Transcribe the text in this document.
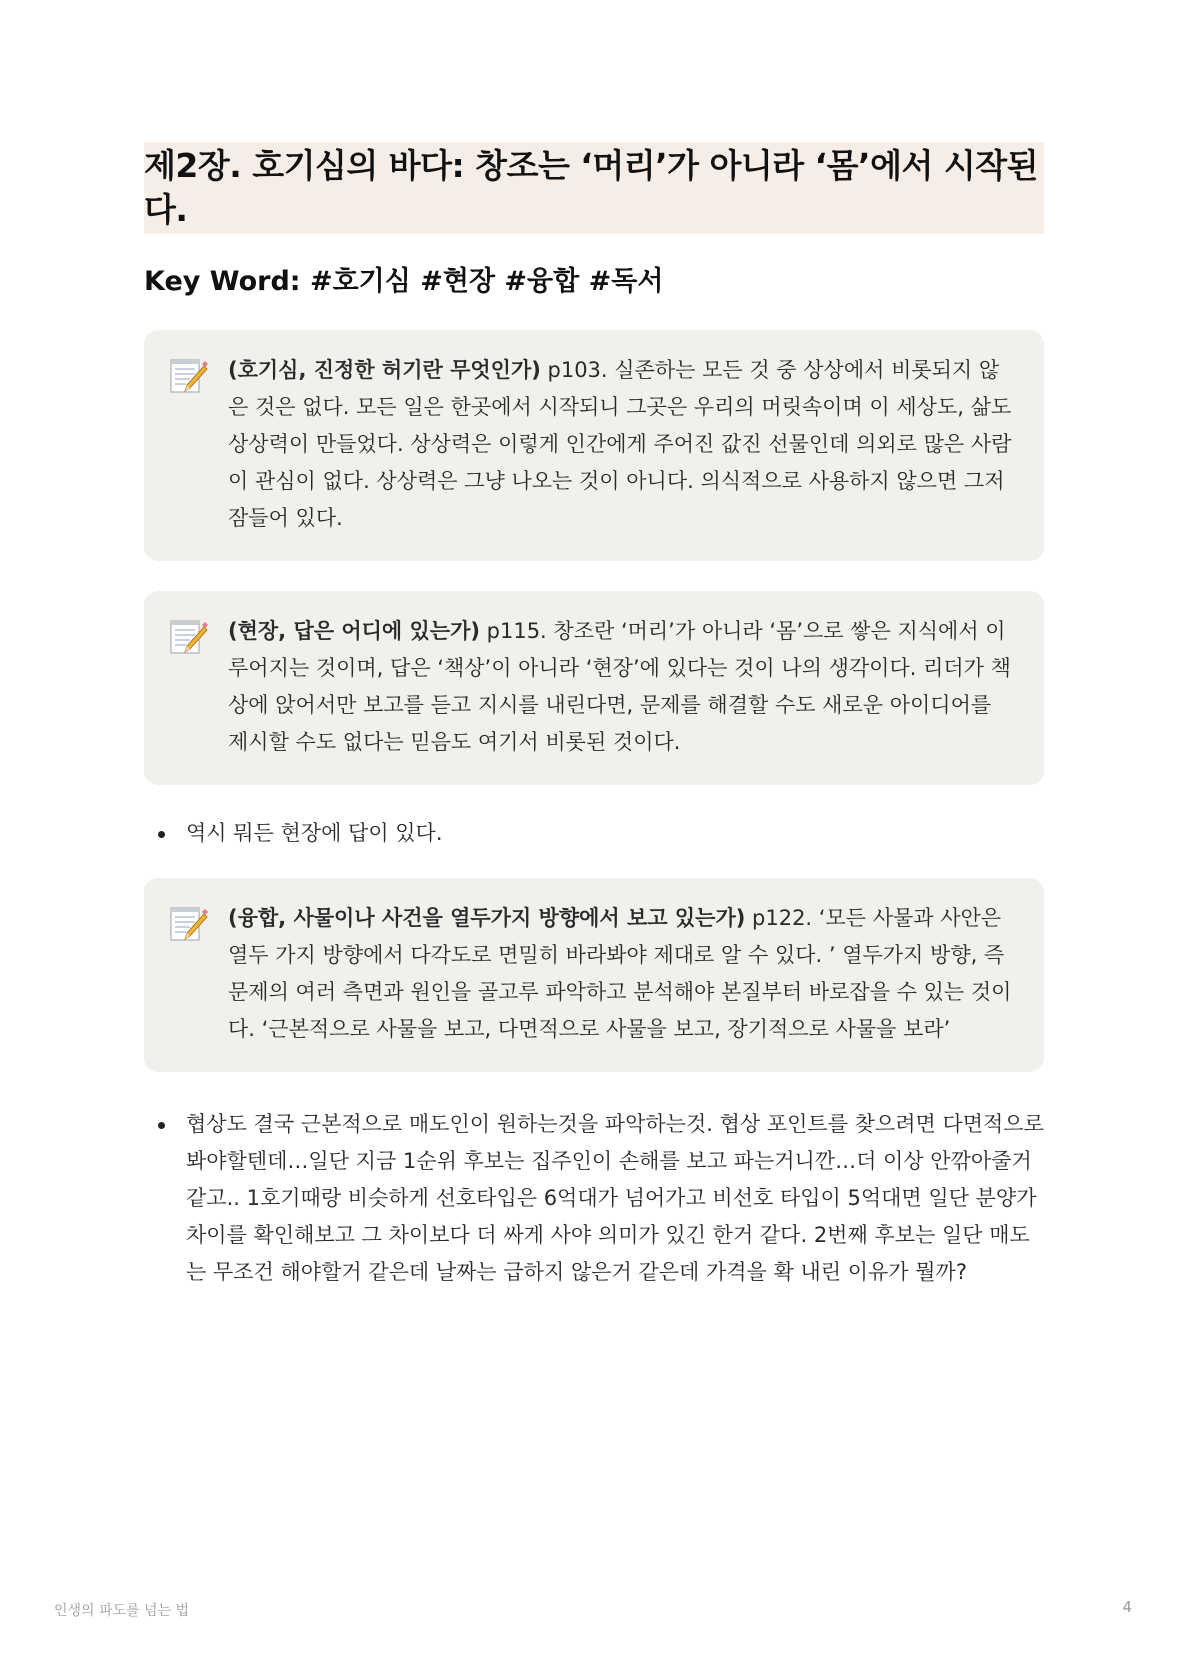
제2장. 호기심의 바다: 창조는 ‘머리’가 아니라 ‘몸’에서 시작된다.
Key Word: #호기심 #현장 #융합 #독서
(호기심, 진정한 허기란 무엇인가) p103. 실존하는 모든 것 중 상상에서 비롯되지 않은 것은 없다. 모든 일은 한곳에서 시작되니 그곳은 우리의 머릿속이며 이 세상도, 삶도 상상력이 만들었다. 상상력은 이렇게 인간에게 주어진 값진 선물인데 의외로 많은 사람이 관심이 없다. 상상력은 그냥 나오는 것이 아니다. 의식적으로 사용하지 않으면 그저 잠들어 있다.
(현장, 답은 어디에 있는가) p115. 창조란 ‘머리’가 아니라 ‘몸’으로 쌓은 지식에서 이루어지는 것이며, 답은 ‘책상’이 아니라 ‘현장’에 있다는 것이 나의 생각이다. 리더가 책상에 앉어서만 보고를 듣고 지시를 내린다면, 문제를 해결할 수도 새로운 아이디어를 제시할 수도 없다는 믿음도 여기서 비롯된 것이다.
역시 뭐든 현장에 답이 있다.
(융합, 사물이나 사건을 열두가지 방향에서 보고 있는가) p122. ‘모든 사물과 사안은 열두 가지 방향에서 다각도로 면밀히 바라봐야 제대로 알 수 있다. ’ 열두가지 방향, 즉 문제의 여러 측면과 원인을 골고루 파악하고 분석해야 본질부터 바로잡을 수 있는 것이다. ‘근본적으로 사물을 보고, 다면적으로 사물을 보고, 장기적으로 사물을 보라’
협상도 결국 근본적으로 매도인이 원하는것을 파악하는것. 협상 포인트를 찾으려면 다면적으로 봐야할텐데…일단 지금 1순위 후보는 집주인이 손해를 보고 파는거니깐…더 이상 안깎아줄거 같고.. 1호기때랑 비슷하게 선호타입은 6억대가 넘어가고 비선호 타입이 5억대면 일단 분양가 차이를 확인해보고 그 차이보다 더 싸게 사야 의미가 있긴 한거 같다. 2번째 후보는 일단 매도는 무조건 해야할거 같은데 날짜는 급하지 않은거 같은데 가격을 확 내린 이유가 뭘까?
인생의 파도를 넘는 법	4
